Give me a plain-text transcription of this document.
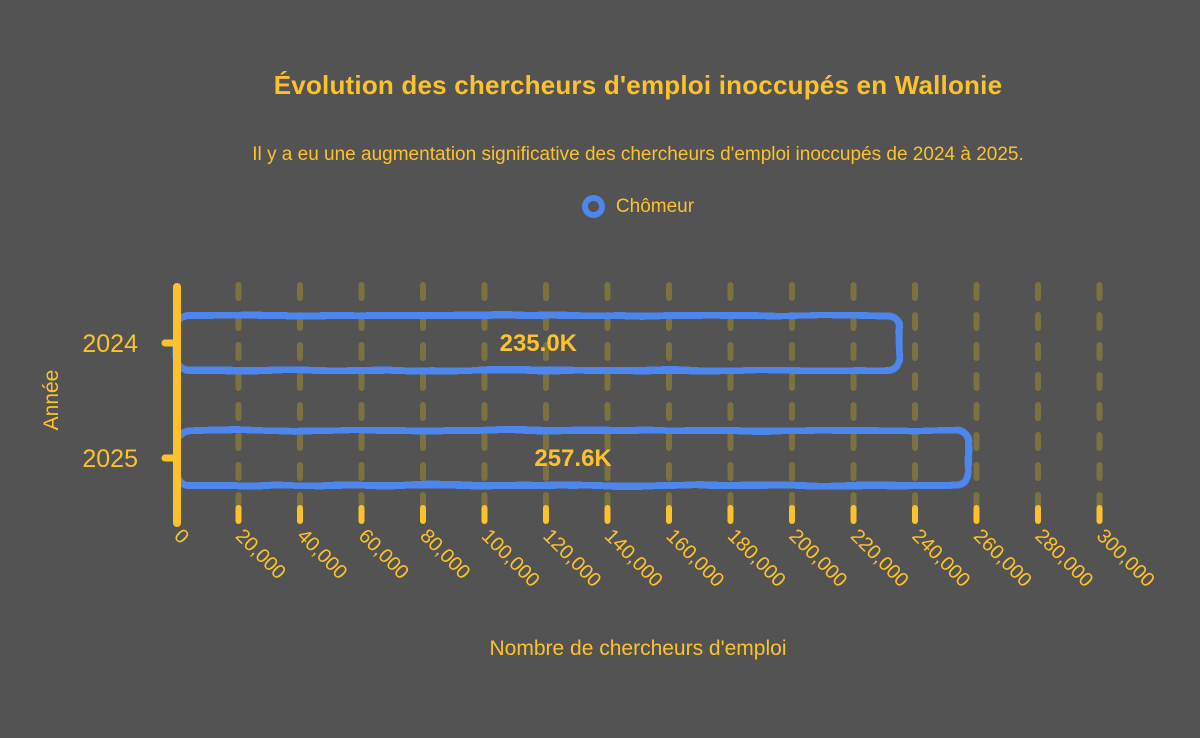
Évolution des chercheurs d'emploi inoccupés en Wallonie
Il y a eu une augmentation significative des chercheurs d'emploi inoccupés de 2024 à 2025.
Chômeur
0 20,000 40,000 60,000 80,000 100,000
120,000
140,000
160,000
180,000
200,000
220,000
240,000
260,000
280,000
300,000
235.0K
2024
257.6K
2025
Année
Nombre de chercheurs d'emploi
